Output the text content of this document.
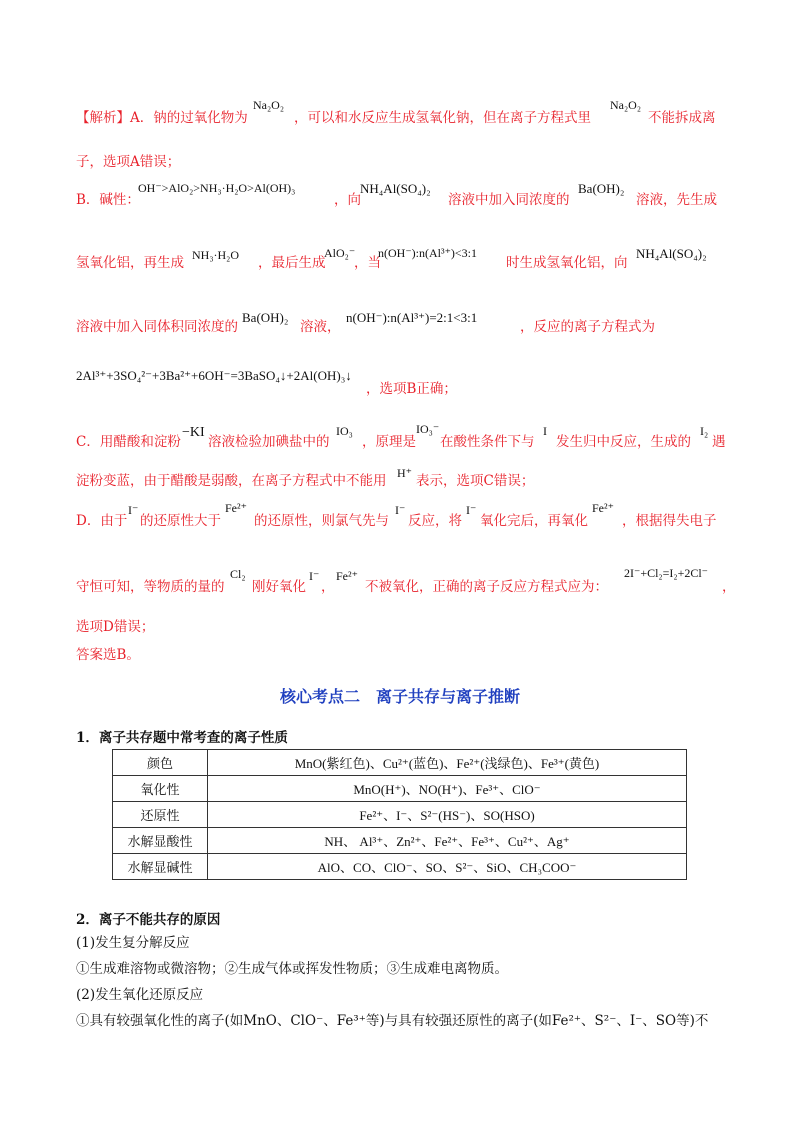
【解析】A．钠的过氧化物为
Na₂O₂
，可以和水反应生成氢氧化钠，但在离子方程式里
Na₂O₂
不能拆成离
子，选项A错误；
B．碱性：
OH⁻>AlO₂>NH₃·H₂O>Al(OH)₃
，向
NH₄Al(SO₄)₂
溶液中加入同浓度的
Ba(OH)₂
溶液，先生成
氢氧化铝，再生成 NH₃·H₂O ，最后生成
AlO₂⁻
，当
n(OH⁻):n(Al³⁺)<3:1
时生成氢氧化铝，向
NH₄Al(SO₄)₂
溶液中加入同体积同浓度的
Ba(OH)₂
溶液，
n(OH⁻):n(Al³⁺)=2:1<3:1
，反应的离子方程式为
2Al³⁺+3SO₄²⁻+3Ba²⁺+6OH⁻=3BaSO₄↓+2Al(OH)₃↓
，选项B正确；
C．用醋酸和淀粉
−KI
溶液检验加碘盐中的
IO₃
，原理是
IO₃⁻
在酸性条件下与
I
发生归中反应，生成的
I₂
遇
淀粉变蓝，由于醋酸是弱酸，在离子方程式中不能用 H⁺ 表示，选项C错误；
D．由于
I⁻
的还原性大于
Fe²⁺
的还原性，则氯气先与
I⁻
反应，将
I⁻
氧化完后，再氧化
Fe²⁺
，根据得失电子
守恒可知，等物质的量的
Cl₂
刚好氧化
I⁻
，
Fe²⁺
不被氧化，正确的离子反应方程式应为：
2I⁻+Cl₂=I₂+2Cl⁻
，
选项D错误；
答案选B。
核心考点二　离子共存与离子推断
1．离子共存题中常考查的离子性质
颜色	MnO(紫红色)、Cu²⁺(蓝色)、Fe²⁺(浅绿色)、Fe³⁺(黄色)
氧化性	MnO(H⁺)、NO(H⁺)、Fe³⁺、ClO⁻
还原性	Fe²⁺、I⁻、S²⁻(HS⁻)、SO(HSO)
水解显酸性	NH、 Al³⁺、Zn²⁺、Fe²⁺、Fe³⁺、Cu²⁺、Ag⁺
水解显碱性	AlO、CO、ClO⁻、SO、S²⁻、SiO、CH₃COO⁻
2．离子不能共存的原因
(1)发生复分解反应
①生成难溶物或微溶物；②生成气体或挥发性物质；③生成难电离物质。
(2)发生氧化还原反应
①具有较强氧化性的离子(如MnO、ClO⁻、Fe³⁺等)与具有较强还原性的离子(如Fe²⁺、S²⁻、I⁻、SO等)不
